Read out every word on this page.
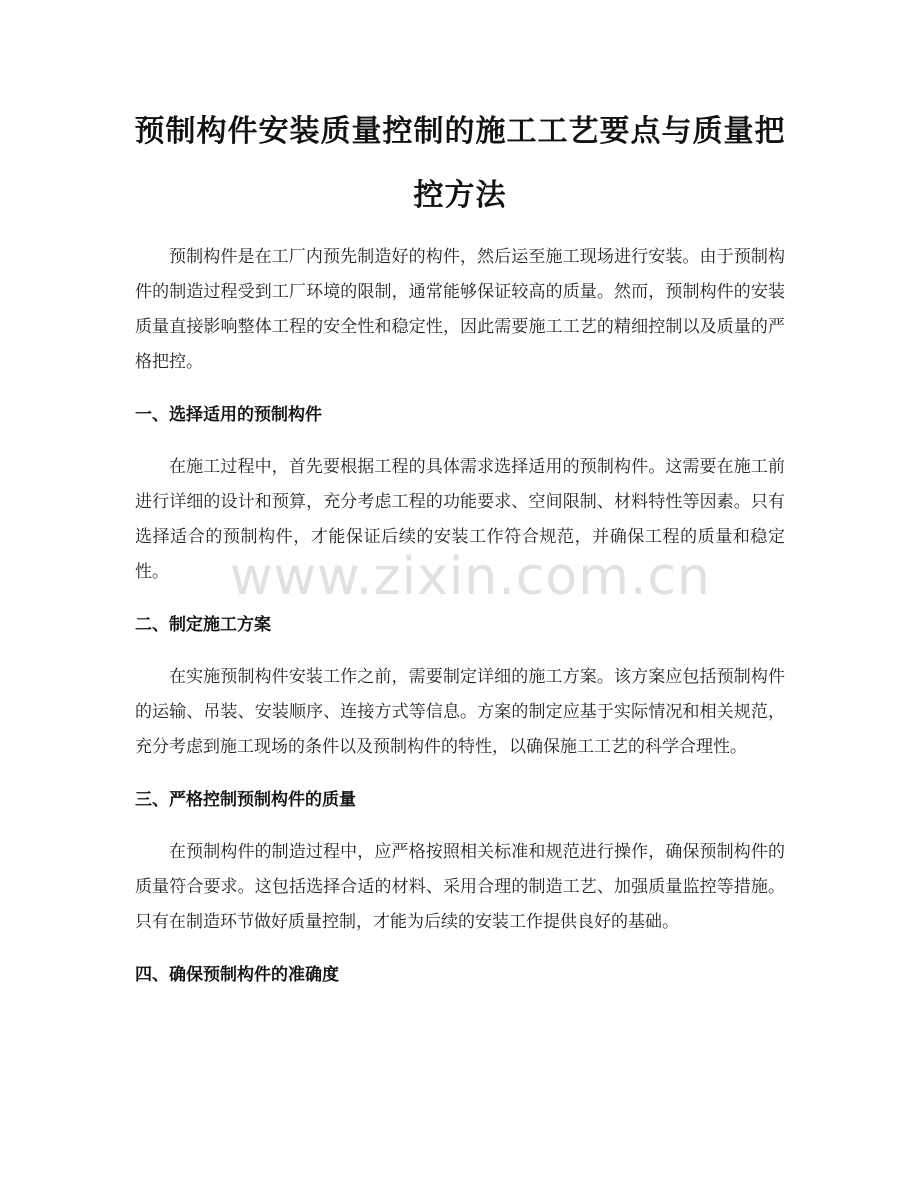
预制构件安装质量控制的施工工艺要点与质量把控方法

预制构件是在工厂内预先制造好的构件，然后运至施工现场进行安装。由于预制构件的制造过程受到工厂环境的限制，通常能够保证较高的质量。然而，预制构件的安装质量直接影响整体工程的安全性和稳定性，因此需要施工工艺的精细控制以及质量的严格把控。

一、选择适用的预制构件

在施工过程中，首先要根据工程的具体需求选择适用的预制构件。这需要在施工前进行详细的设计和预算，充分考虑工程的功能要求、空间限制、材料特性等因素。只有选择适合的预制构件，才能保证后续的安装工作符合规范，并确保工程的质量和稳定性。

二、制定施工方案

在实施预制构件安装工作之前，需要制定详细的施工方案。该方案应包括预制构件的运输、吊装、安装顺序、连接方式等信息。方案的制定应基于实际情况和相关规范，充分考虑到施工现场的条件以及预制构件的特性，以确保施工工艺的科学合理性。

三、严格控制预制构件的质量

在预制构件的制造过程中，应严格按照相关标准和规范进行操作，确保预制构件的质量符合要求。这包括选择合适的材料、采用合理的制造工艺、加强质量监控等措施。只有在制造环节做好质量控制，才能为后续的安装工作提供良好的基础。

四、确保预制构件的准确度
www.zixin.com.cn
